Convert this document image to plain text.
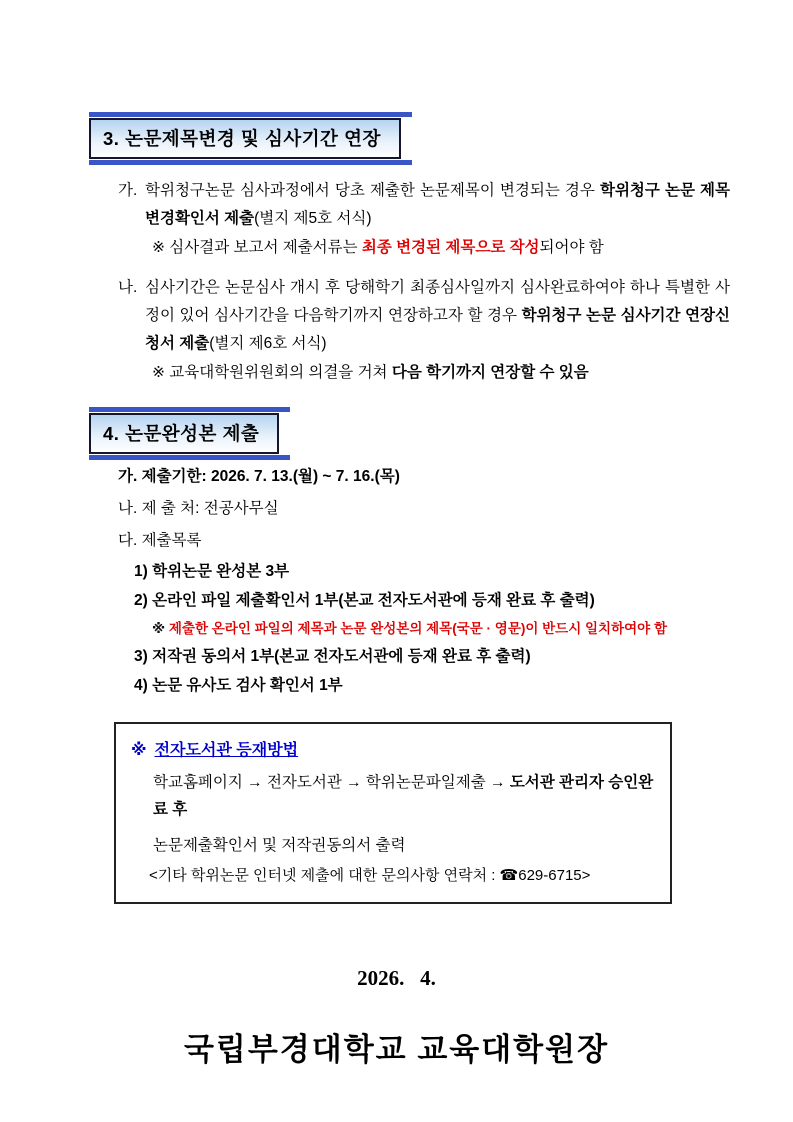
3. 논문제목변경 및 심사기간 연장
가. 학위청구논문 심사과정에서 당초 제출한 논문제목이 변경되는 경우 학위청구 논문 제목변경확인서 제출(별지 제5호 서식)
※ 심사결과 보고서 제출서류는 최종 변경된 제목으로 작성되어야 함
나. 심사기간은 논문심사 개시 후 당해학기 최종심사일까지 심사완료하여야 하나 특별한 사정이 있어 심사기간을 다음학기까지 연장하고자 할 경우 학위청구 논문 심사기간 연장신청서 제출(별지 제6호 서식)
※ 교육대학원위원회의 의결을 거쳐 다음 학기까지 연장할 수 있음
4. 논문완성본 제출
가. 제출기한: 2026. 7. 13.(월) ~ 7. 16.(목)
나. 제 출 처: 전공사무실
다. 제출목록
1) 학위논문 완성본 3부
2) 온라인 파일 제출확인서 1부(본교 전자도서관에 등재 완료 후 출력)
※ 제출한 온라인 파일의 제목과 논문 완성본의 제목(국문 · 영문)이 반드시 일치하여야 함
3) 저작권 동의서 1부(본교 전자도서관에 등재 완료 후 출력)
4) 논문 유사도 검사 확인서 1부
※ 전자도서관 등재방법
학교홈페이지 → 전자도서관 → 학위논문파일제출 → 도서관 관리자 승인완료 후
논문제출확인서 및 저작권동의서 출력
<기타 학위논문 인터넷 제출에 대한 문의사항 연락처 : ☎629-6715>
2026.   4.
국립부경대학교 교육대학원장
